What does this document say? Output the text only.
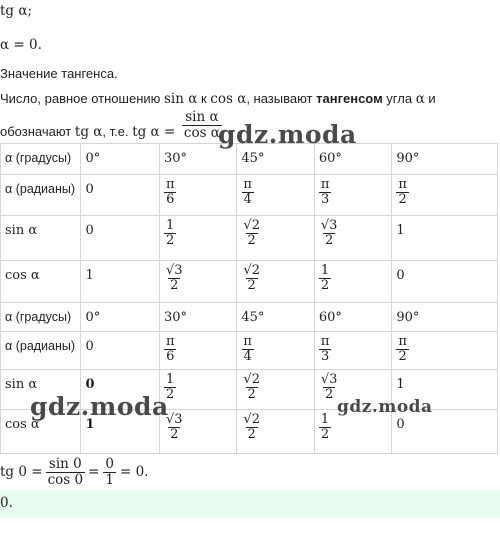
tg α;
α = 0.
Значение тангенса.
Число, равное отношению sin α к cos α, называют тангенсом угла α и
обозначают tg α, т.е. tg $\alpha = \frac{\text{sin α}}{\text{cos α}}$
α (градусы)	0°	30°	45°	60°	90°

α (радианы)	0	$\frac{\pi}{6}$	$\frac{\pi}{4}$	$\frac{\pi}{3}$	$\frac{\pi}{2}$

sin α	0	$\frac{1}{2}$	$\frac{√2}{2}$	$\frac{√3}{2}$	1

cos α	1	$\frac{√3}{2}$	$\frac{√2}{2}$	$\frac{1}{2}$	0
α (градусы)	0°	30°	45°	60°	90°

α (радианы)	0	$\frac{\pi}{6}$	$\frac{\pi}{4}$	$\frac{\pi}{3}$	$\frac{\pi}{2}$

sin α	0	$\frac{1}{2}$	$\frac{√2}{2}$	$\frac{√3}{2}$	1

cos α	1	$\frac{√3}{2}$	$\frac{√2}{2}$	$\frac{1}{2}$	0
tg $0 = \frac{\sin 0}{\cos 0} = \frac{0}{1} = 0$.
0.
gdz.moda
gdz.moda	gdz.moda
